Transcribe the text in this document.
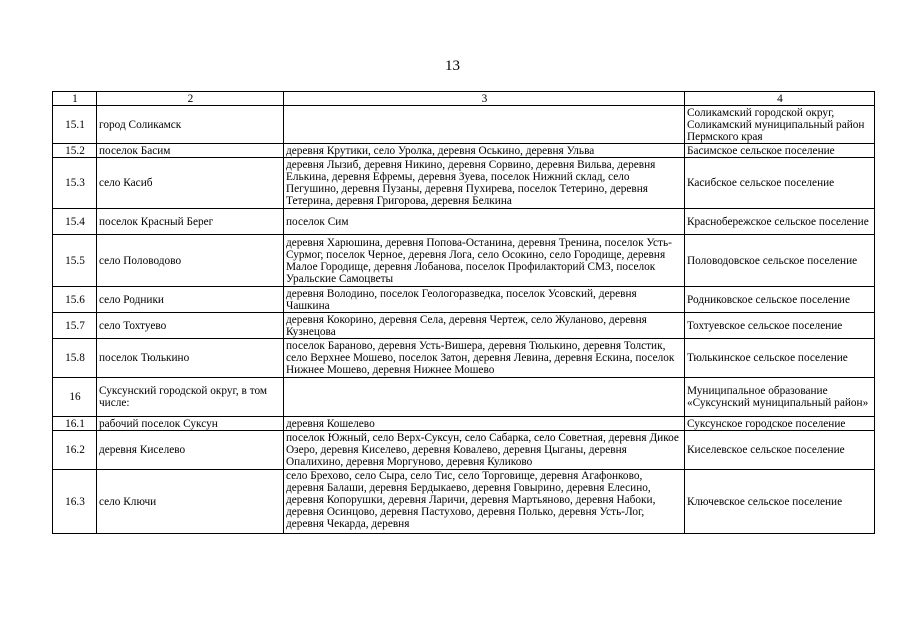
13
1	2	3	4
15.1	город Соликамск		Соликамский городской округ, Соликамский муниципальный район Пермского края
15.2	поселок Басим	деревня Крутики, село Уролка, деревня Оськино, деревня Ульва	Басимское сельское поселение
15.3	село Касиб	деревня Лызиб, деревня Никино, деревня Сорвино, деревня Вильва, деревня Елькина, деревня Ефремы, деревня Зуева, поселок Нижний склад, село Пегушино, деревня Пузаны, деревня Пухирева, поселок Тетерино, деревня Тетерина, деревня Григорова, деревня Белкина	Касибское сельское поселение
15.4	поселок Красный Берег	поселок Сим	Краснобережское сельское поселение
15.5	село Половодово	деревня Харюшина, деревня Попова-Останина, деревня Тренина, поселок Усть-Сурмог, поселок Черное, деревня Лога, село Осокино, село Городище, деревня Малое Городище, деревня Лобанова, поселок Профилакторий СМЗ, поселок Уральские Самоцветы	Половодовское сельское поселение
15.6	село Родники	деревня Володино, поселок Геологоразведка, поселок Усовский, деревня Чашкина	Родниковское сельское поселение
15.7	село Тохтуево	деревня Кокорино, деревня Села, деревня Чертеж, село Жуланово, деревня Кузнецова	Тохтуевское сельское поселение
15.8	поселок Тюлькино	поселок Бараново, деревня Усть-Вишера, деревня Тюлькино, деревня Толстик, село Верхнее Мошево, поселок Затон, деревня Левина, деревня Ескина, поселок Нижнее Мошево, деревня Нижнее Мошево	Тюлькинское сельское поселение
16	Суксунский городской округ, в том числе:		Муниципальное образование «Суксунский муниципальный район»
16.1	рабочий поселок Суксун	деревня Кошелево	Суксунское городское поселение
16.2	деревня Киселево	поселок Южный, село Верх-Суксун, село Сабарка, село Советная, деревня Дикое Озеро, деревня Киселево, деревня Ковалево, деревня Цыганы, деревня Опалихино, деревня Моргуново, деревня Куликово	Киселевское сельское поселение
16.3	село Ключи	село Брехово, село Сыра, село Тис, село Торговище, деревня Агафонково, деревня Балаши, деревня Бердыкаево, деревня Говырино, деревня Елесино, деревня Копорушки, деревня Ларичи, деревня Мартьяново, деревня Набоки, деревня Осинцово, деревня Пастухово, деревня Полько, деревня Усть-Лог, деревня Чекарда, деревня	Ключевское сельское поселение
